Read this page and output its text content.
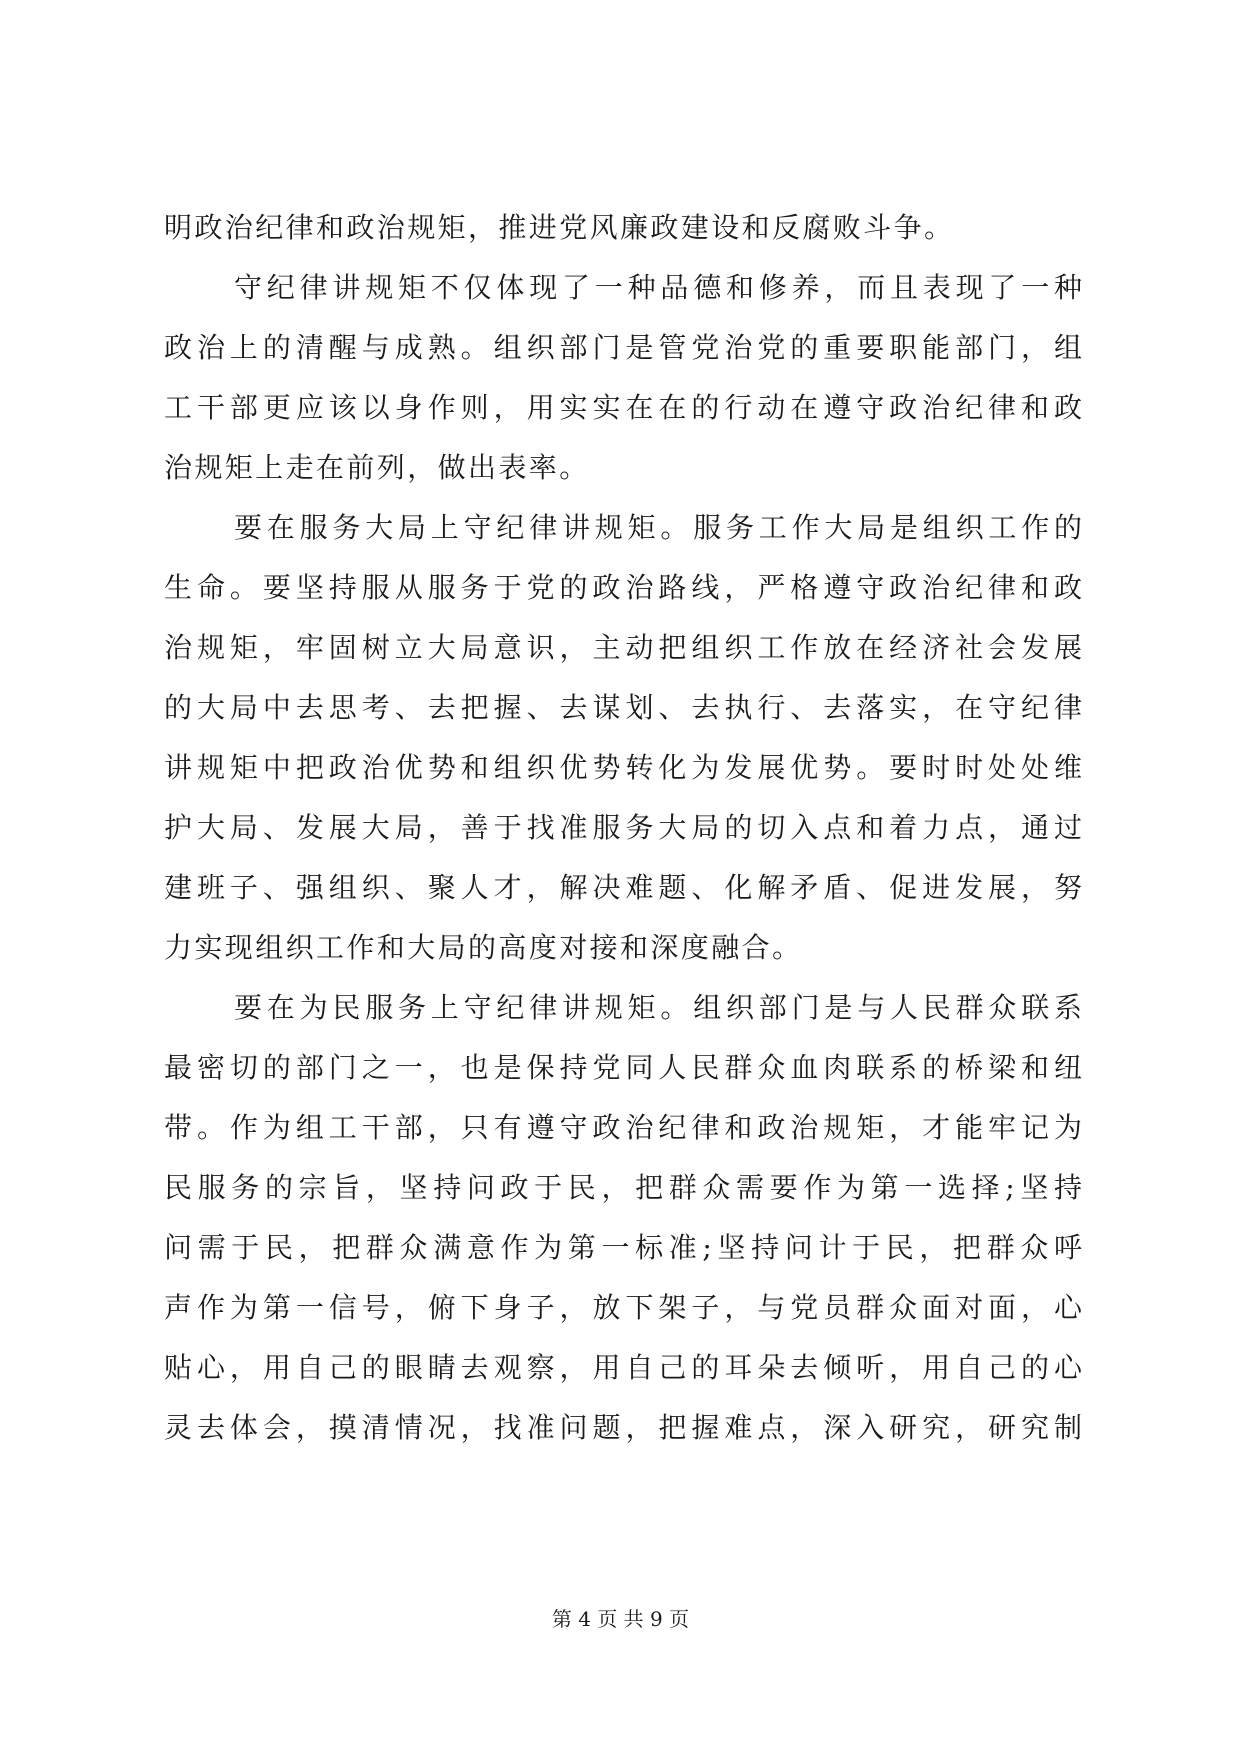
明政治纪律和政治规矩，推进党风廉政建设和反腐败斗争。
守纪律讲规矩不仅体现了一种品德和修养，而且表现了一种
政治上的清醒与成熟。组织部门是管党治党的重要职能部门，组
工干部更应该以身作则，用实实在在的行动在遵守政治纪律和政
治规矩上走在前列，做出表率。
要在服务大局上守纪律讲规矩。服务工作大局是组织工作的
生命。要坚持服从服务于党的政治路线，严格遵守政治纪律和政
治规矩，牢固树立大局意识，主动把组织工作放在经济社会发展
的大局中去思考、去把握、去谋划、去执行、去落实，在守纪律
讲规矩中把政治优势和组织优势转化为发展优势。要时时处处维
护大局、发展大局，善于找准服务大局的切入点和着力点，通过
建班子、强组织、聚人才，解决难题、化解矛盾、促进发展，努
力实现组织工作和大局的高度对接和深度融合。
要在为民服务上守纪律讲规矩。组织部门是与人民群众联系
最密切的部门之一，也是保持党同人民群众血肉联系的桥梁和纽
带。作为组工干部，只有遵守政治纪律和政治规矩，才能牢记为
民服务的宗旨，坚持问政于民，把群众需要作为第一选择;坚持
问需于民，把群众满意作为第一标准;坚持问计于民，把群众呼
声作为第一信号，俯下身子，放下架子，与党员群众面对面，心
贴心，用自己的眼睛去观察，用自己的耳朵去倾听，用自己的心
灵去体会，摸清情况，找准问题，把握难点，深入研究，研究制
第 4 页 共 9 页
